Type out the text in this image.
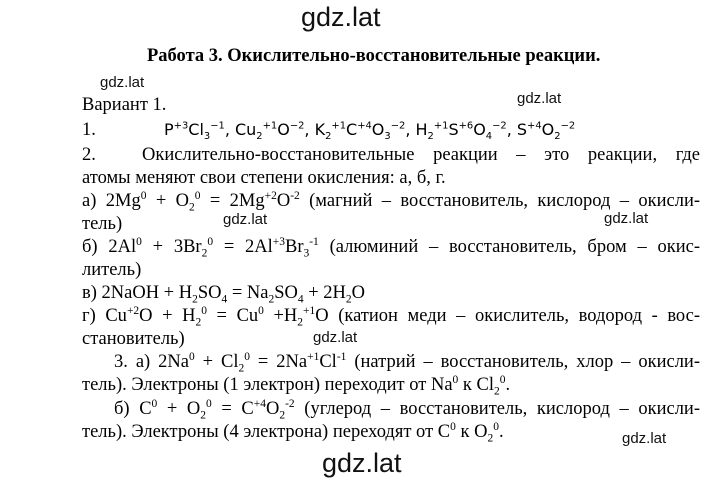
gdz.lat
gdz.lat
gdz.lat
gdz.lat
gdz.lat
gdz.lat
gdz.lat
gdz.lat
Работа 3. Окислительно-восстановительные реакции.
Вариант 1.
1.	$P^{+3}Cl_3^{-1}$, $Cu_2^{+1}O^{-2}$, $K_2^{+1}C^{+4}O_3^{-2}$, $H_2^{+1}S^{+6}O_4^{-2}$, $S^{+4}O_2^{-2}$
2. Окислительно-восстановительные реакции – это реакции, где
атомы меняют свои степени окисления: а, б, г.
а) $2Mg^0 + O_2^0 = 2Mg^{+2}O^{-2}$ (магний – восстановитель, кислород – окисли-
тель)
б) $2Al^0 + 3Br_2^0 = 2Al^{+3}Br_3^{-1}$ (алюминий – восстановитель, бром – окис-
литель)
в) 2NaOH + $H_2SO_4 = Na_2SO_4 + 2H_2O$
г) $Cu^{+2}O + H_2^0 = Cu^0 +H_2^{+1}O$ (катион меди – окислитель, водород - вос-
становитель)
3. а) $2Na^0 + Cl_2^0 = 2Na^{+1}Cl^{-1}$ (натрий – восстановитель, хлор – окисли-
тель). Электроны (1 электрон) переходит от Na$^0$ к $Cl_2^0$.
б) $C^0 + O_2^0 = C^{+4}O_2^{-2}$ (углерод – восстановитель, кислород – окисли-
тель). Электроны (4 электрона) переходят от $C^0$ к $O_2^0$.
